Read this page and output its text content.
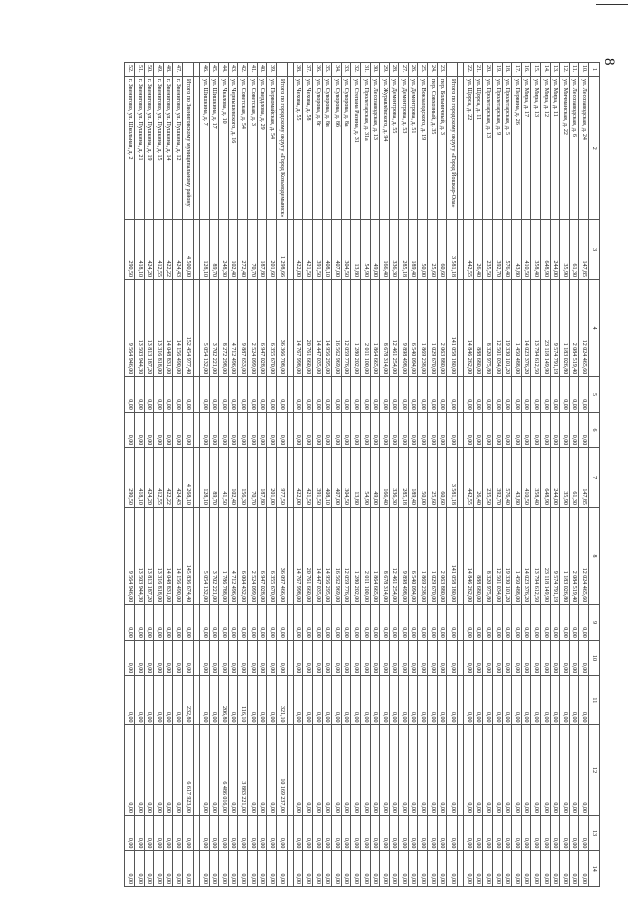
8
1	2	3	4	5	6	7	8	9	10	11	12	13	14
10.	ул. Лесозаводская, д. 24	147,85	12 024 465,60	0,00	0,00	147,85	12 024 465,60	0,00	0,00	0,00	0,00	0,00	0,00
11.	ул. Лесозаводская, д. 6	61,30	2 084 519,40	0,00	0,00	61,30	2 084 519,40	0,00	0,00	0,00	0,00	0,00	0,00
12.	ул. Мичманская, д. 22	35,90	1 183 026,80	0,00	0,00	35,90	1 183 026,80	0,00	0,00	0,00	0,00	0,00	0,00
13.	ул. Мира, д. 11	244,00	9 574 791,19	0,00	0,00	244,00	9 574 791,19	0,00	0,00	0,00	0,00	0,00	0,00
14.	ул. Мира, д. 12	648,90	23 118 149,90	0,00	0,00	648,90	23 118 149,90	0,00	0,00	0,00	0,00	0,00	0,00
15.	ул. Мира, д. 13	358,40	13 794 612,50	0,00	0,00	358,40	13 794 612,50	0,00	0,00	0,00	0,00	0,00	0,00
16.	ул. Мира, д. 17	410,50	14 023 376,20	0,00	0,00	410,50	14 023 376,20	0,00	0,00	0,00	0,00	0,00	0,00
17.	ул. Первина, д. 26	43,80	1 450 488,00	0,00	0,00	43,80	1 450 488,00	0,00	0,00	0,00	0,00	0,00	0,00
18.	ул. Пролетарская, д. 5	576,40	19 330 101,20	0,00	0,00	576,40	19 330 101,20	0,00	0,00	0,00	0,00	0,00	0,00
19.	ул. Пролетарская, д. 9	392,70	12 501 034,00	0,00	0,00	392,70	12 501 034,00	0,00	0,00	0,00	0,00	0,00	0,00
20.	ул. Пролетарская, д. 13	235,50	8 320 975,80	0,00	0,00	235,50	8 320 975,80	0,00	0,00	0,00	0,00	0,00	0,00
21.	ул. Щорса, д. 11	26,40	888 680,00	0,00	0,00	26,40	888 680,00	0,00	0,00	0,00	0,00	0,00	0,00
22.	ул. Щорса, д. 22	442,55	14 846 262,00	0,00	0,00	442,55	14 846 262,00	0,00	0,00	0,00	0,00	0,00	0,00

	Итого по городскому округу «Город Йошкар-Ола»	3 581,18	141 058 180,00	0,00	0,00	3 581,18	141 058 180,00	0,00	0,00	0,00	0,00	0,00	0,00
23.	пер. Больничный, д. 3	60,60	2 063 880,00	0,00	0,00	60,60	2 063 880,00	0,00	0,00	0,00	0,00	0,00	0,00
24.	пер. Совхозный, д. 35	25,60	1 029 670,00	0,00	0,00	25,60	1 029 670,00	0,00	0,00	0,00	0,00	0,00	0,00
25.	ул. Вокзалодского, д. 19	50,00	1 869 238,00	0,00	0,00	50,00	1 869 238,00	0,00	0,00	0,00	0,00	0,00	0,00
26.	ул. Дементрова, д. 51	189,40	6 540 094,00	0,00	0,00	189,40	6 540 094,00	0,00	0,00	0,00	0,00	0,00	0,00
27.	ул. Дементрова, д. 53	285,18	9 898 498,00	0,00	0,00	285,18	9 898 498,00	0,00	0,00	0,00	0,00	0,00	0,00
28.	ул. Дементрова, д. 55	336,30	12 461 254,00	0,00	0,00	336,30	12 461 254,00	0,00	0,00	0,00	0,00	0,00	0,00
29.	ул. Журавлёвского, д. 94	166,40	8 678 314,00	0,00	0,00	166,40	8 678 314,00	0,00	0,00	0,00	0,00	0,00	0,00
30.	ул. Лесозаводская, д. 13	49,00	1 864 665,00	0,00	0,00	49,00	1 864 665,00	0,00	0,00	0,00	0,00	0,00	0,00
31.	ул. Пролетарская, д. 31а	54,90	2 011 100,00	0,00	0,00	54,90	2 011 100,00	0,00	0,00	0,00	0,00	0,00	0,00
32.	ул. Степана Разина, д. 31	13,80	1 280 202,00	0,00	0,00	13,80	1 280 202,00	0,00	0,00	0,00	0,00	0,00	0,00
33.	ул. Суворова, д. 8а	304,50	12 059 776,00	0,00	0,00	304,50	12 059 776,00	0,00	0,00	0,00	0,00	0,00	0,00
34.	ул. Суворова, д. 8б	407,00	16 562 969,00	0,00	0,00	407,00	16 562 969,00	0,00	0,00	0,00	0,00	0,00	0,00
35.	ул. Суворова, д. 8в	408,10	14 956 295,00	0,00	0,00	408,10	14 956 295,00	0,00	0,00	0,00	0,00	0,00	0,00
36.	ул. Суворова, д. 8г	391,50	14 447 035,00	0,00	0,00	391,50	14 447 035,00	0,00	0,00	0,00	0,00	0,00	0,00
37.	ул. Чехова, д. 58	421,50	20 761 660,00	0,00	0,00	421,50	20 761 660,00	0,00	0,00	0,00	0,00	0,00	0,00
38.	ул. Чехова, д. 55	422,00	14 767 998,00	0,00	0,00	422,00	14 767 998,00	0,00	0,00	0,00	0,00	0,00	0,00

	Итого по городскому округу «Город Козьмодемьянск»	1 298,66	36 366 708,00	0,00	0,00	977,50	36 097 466,00	0,00	0,00	321,10	10 169 237,00	0,00	0,00
39.	ул. Первомайская, д. 54	201,60	6 355 670,00	0,00	0,00	201,00	6 355 670,00	0,00	0,00	0,00	0,00	0,00	0,00
40.	ул. Свердлова, д. 29	187,80	6 947 028,00	0,00	0,00	187,80	6 947 028,00	0,00	0,00	0,00	0,00	0,00	0,00
41.	ул. Советская, д. 3	70,70	2 524 099,00	0,00	0,00	70,70	2 524 099,00	0,00	0,00	0,00	0,00	0,00	0,00
42.	ул. Советская, д. 54	272,40	9 887 653,00	0,00	0,00	156,30	6 004 432,00	0,00	0,00	116,10	3 883 221,00	0,00	0,00
43.	ул. Чернышевского, д. 16	102,40	4 712 496,00	0,00	0,00	102,40	4 712 496,00	0,00	0,00	0,00	0,00	0,00	0,00
44.	ул. Чкалова, д. 10	248,30	8 272 298,00	0,00	0,00	41,50	1 786 788,00	0,00	0,00	206,80	6 486 016,00	0,00	0,00
45.	ул. Шишкина, д. 17	89,70	3 702 221,00	0,00	0,00	89,70	3 702 221,00	0,00	0,00	0,00	0,00	0,00	0,00
46.	ул. Шишкина, д. 7	128,10	5 054 132,00	0,00	0,00	128,10	5 054 132,00	0,00	0,00	0,00	0,00	0,00	0,00

	Итого по Звениговскому муниципальному району	4 500,00	152 454 977,40	0,00	0,00	4 268,10	145 836 674,40	0,00	0,00	232,80	6 617 923,00	0,00	0,00
47.	г. Звенигово, ул. Пушкина, д. 12	424,43	14 156 490,00	0,00	0,00	424,43	14 156 490,00	0,00	0,00	0,00	0,00	0,00	0,00
48.	г. Звенигово, ул. Пушкина, д. 14	422,22	14 048 831,00	0,00	0,00	422,22	14 048 831,00	0,00	0,00	0,00	0,00	0,00	0,00
49.	г. Звенигово, ул. Пушкина, д. 15	412,55	13 316 818,00	0,00	0,00	412,55	13 316 818,00	0,00	0,00	0,00	0,00	0,00	0,00
50.	г. Звенигово, ул. Пушкина, д. 19	424,20	13 813 187,20	0,00	0,00	424,20	13 813 187,20	0,00	0,00	0,00	0,00	0,00	0,00
51.	г. Звенигово, ул. Пушкина, д. 21	418,10	13 503 944,30	0,00	0,00	418,10	13 503 944,30	0,00	0,00	0,00	0,00	0,00	0,00
52.	г. Звенигово, ул. Школьная, д. 2	290,50	9 564 946,00	0,00	0,00	290,50	9 564 946,00	0,00	0,00	0,00	0,00	0,00	0,00
